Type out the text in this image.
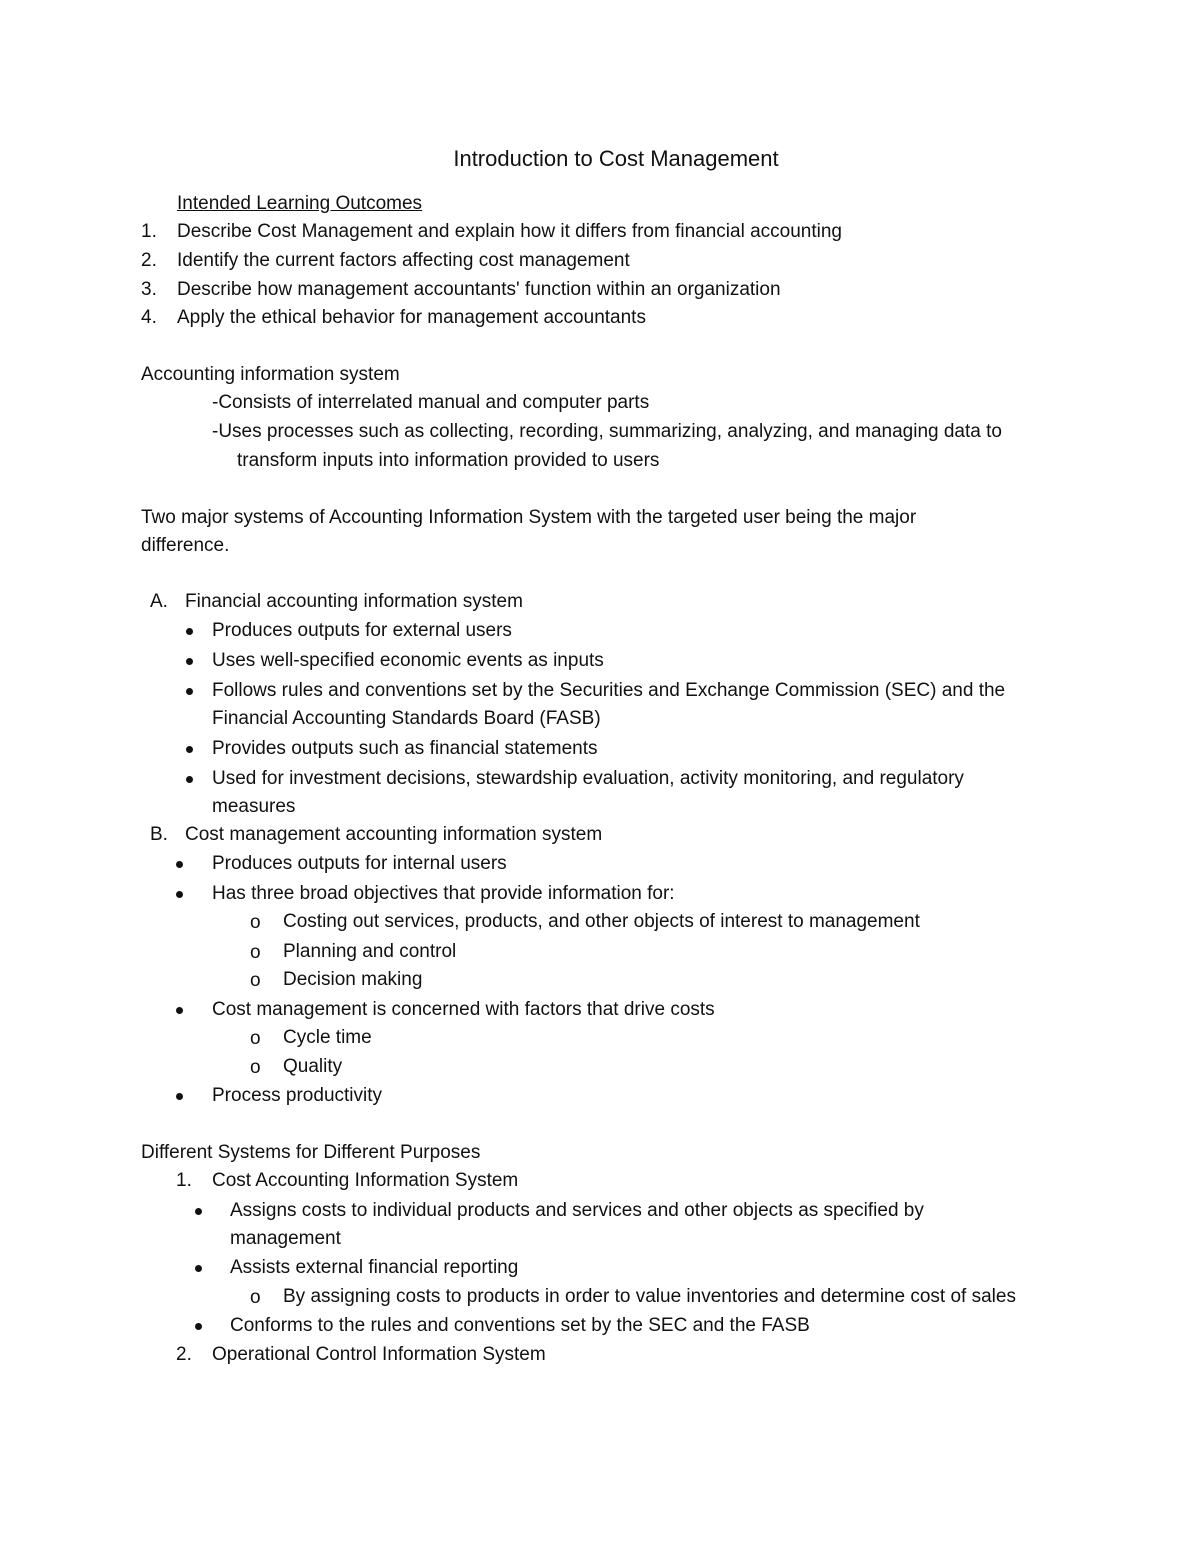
Introduction to Cost Management
Intended Learning Outcomes
1. Describe Cost Management and explain how it differs from financial accounting
2. Identify the current factors affecting cost management
3. Describe how management accountants' function within an organization
4. Apply the ethical behavior for management accountants
Accounting information system
-Consists of interrelated manual and computer parts
-Uses processes such as collecting, recording, summarizing, analyzing, and managing data to
transform inputs into information provided to users
Two major systems of Accounting Information System with the targeted user being the major
difference.
A. Financial accounting information system
Produces outputs for external users
Uses well-specified economic events as inputs
Follows rules and conventions set by the Securities and Exchange Commission (SEC) and the
Financial Accounting Standards Board (FASB)
Provides outputs such as financial statements
Used for investment decisions, stewardship evaluation, activity monitoring, and regulatory
measures
B. Cost management accounting information system
Produces outputs for internal users
Has three broad objectives that provide information for:
o Costing out services, products, and other objects of interest to management
o Planning and control
o Decision making
Cost management is concerned with factors that drive costs
o Cycle time
o Quality
Process productivity
Different Systems for Different Purposes
1. Cost Accounting Information System
Assigns costs to individual products and services and other objects as specified by
management
Assists external financial reporting
o By assigning costs to products in order to value inventories and determine cost of sales
Conforms to the rules and conventions set by the SEC and the FASB
2. Operational Control Information System
